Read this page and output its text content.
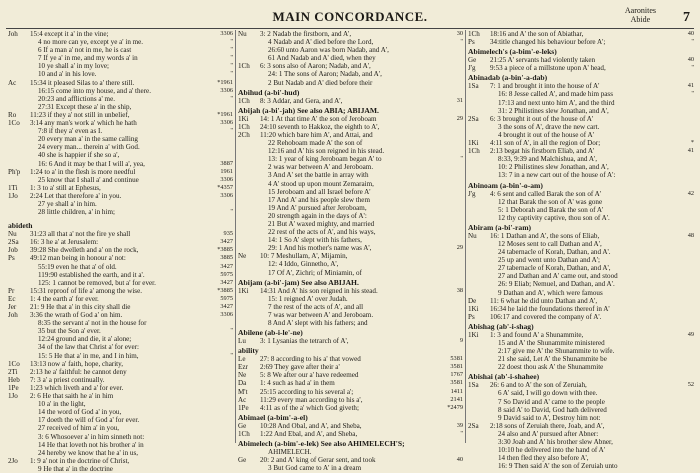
MAIN CONCORDANCE.	Aaronites
Abide	7
Joh	15:4 except it a' in the vine;	3306
4 no more can ye, except ye a' in me.	"
6 If a man a' not in me, he is cast	"
7 If ye a' in me, and my words a' in	"
10 ye shall a' in my love;	"
10 and a' in his love.	"
Ac	15:34 it pleased Silas to a' there still.	*1961
16:15 come into my house, and a' there.	3306
20:23 and afflictions a' me.	"
27:31 Except these a' in the ship,
Ro	11:23 if they a' not still in unbelief,	*1961
1Co	3:14 any man's work a' which he hath	3306
7:8 if they a' even as I.	"
20 every man a' in the same calling
24 every man... therein a' with God.
40 she is happier if she so a',
16: 6 And it may be that I will a', yea,	3887
Ph'p	1:24 to a' in the flesh is more needful	1961
25 know that I shall a' and continue	3306
1Ti	1: 3 to a' still at Ephesus,	*4357
1Jo	2:24 Let that therefore a' in you.	3306
27 ye shall a' in him.
28 little children, a' in him;	"
abideth
Nu	31:23 all that a' not the fire ye shall	935
2Sa	16: 3 he a' at Jerusalem:	3427
Job	39:28 She dwelleth and a' on the rock,	*3885
Ps	49:12 man being in honour a' not:	3885
55:19 even he that a' of old.	3427
119:90 established the earth, and it a'.	5975
125: 1 cannot be removed, but a' for ever.	3427
Pr	15:31 reproof of life a' among the wise.	*3885
Ec	1: 4 the earth a' for ever.	5975
Jer	21: 9 He that a' in this city shall die	3427
Joh	3:36 the wrath of God a' on him.	3306
8:35 the servant a' not in the house for
35 but the Son a' ever.	"
12:24 ground and die, it a' alone;
34 of the law that Christ a' for ever:
15: 5 He that a' in me, and I in him,	"
1Co	13:13 now a' faith, hope, charity,
2Ti	2:13 he a' faithful: he cannot deny
Heb	7: 3 a' a priest continually.
1Pe	1:23 which liveth and a' for ever.
1Jo	2: 6 He that saith he a' in him
10 a' in the light,
14 the word of God a' in you,
17 doeth the will of God a' for ever.
27 received of him a' in you,
3: 6 Whosoever a' in him sinneth not:
14 He that loveth not his brother a' in
24 hereby we know that he a' in us,
2Jo	1: 9 a' not in the doctrine of Christ,
9 He that a' in the doctrine
Nu	3: 2 Nadab the firstborn, and A',	30
4 Nadab and A' died before the Lord,	"
26:60 unto Aaron was born Nadab, and A',
61 And Nadab and A' died, when they
1Ch	6: 3 sons also of Aaron; Nadab, and A',
24: 1 The sons of Aaron; Nadab, and A',
2 But Nadab and A' died before their
Abihud (a-bi'-hud)
1Ch	8: 3 Addar, and Gera, and A',	31
Abijah (a-bi'-jah) See also ABIA; ABIJAM.
1Ki	14: 1 At that time A' the son of Jeroboam	29
1Ch	24:10 seventh to Hakkoz, the eighth to A',
2Ch	11:20 which bare him A', and Attai, and
22 Rehoboam made A' the son of
12:16 and A' his son reigned in his stead.
13: 1 year of king Jeroboam began A' to	"
2 was war between A' and Jeroboam.
3 And A' set the battle in array with
4 A' stood up upon mount Zemaraim,
15 Jeroboam and all Israel before A'
17 And A' and his people slew them
19 And A' pursued after Jeroboam,
20 strength again in the days of A':
21 But A' waxed mighty, and married
22 rest of the acts of A', and his ways,
14: 1 So A' slept with his fathers,
29: 1 And his mother's name was A',	29
Ne	10: 7 Meshullam, A', Mijamin,
12: 4 Iddo, Ginnetho, A',
17 Of A', Zichri; of Miniamin, of
Abijam (a-bi'-jam) See also ABIJAH.
1Ki	14:31 And A' his son reigned in his stead.	38
15: 1 reigned A' over Judah.
7 the rest of the acts of A', and all
7 was war between A' and Jeroboam.
8 And A' slept with his fathers; and
Abilene (ab-i-le'-ne)
Lu	3: 1 Lysanias the tetrarch of A',	9
ability
Le	27: 8 according to his a' that vowed	5381
Ezr	2:69 They gave after their a'	3581
Ne	5: 8 We after our a' have redeemed	1767
Da	1: 4 such as had a' in them	3581
M't	25:15 according to his several a';	1411
Ac	11:29 every man according to his a',	2141
1Pe	4:11 as of the a' which God giveth;	*2479
Abimael (a-bim'-a-el)
Ge	10:28 And Obal, and A', and Sheba,	39
1Ch	1:22 And Ebal, and A', and Sheba,	"
Abimelech (a-bim'-e-lek) See also AHIMELECH'S;
AHIMELECH.
Ge	20: 2 and A' king of Gerar sent, and took	40
3 But God came to A' in a dream
1Ch	18:16 and A' the son of Abiathar,	40
Ps	34:title changed his behaviour before A';	"
Abimelech's (a-bim'-e-leks)
Ge	21:25 A' servants had violently taken	40
J'g	9:53 a piece of a millstone upon A' head,	"
Abinadab (a-bin'-a-dab)
1Sa	7: 1 and brought it into the house of A'	41
16: 8 Jesse called A', and made him pass	"
17:13 and next unto him A', and the third
31: 2 Philistines slew Jonathan, and A',
2Sa	6: 3 brought it out of the house of A'
3 the sons of A', drave the new cart.
4 brought it out of the house of A'
1Ki	4:11 son of A', in all the region of Dor;	*
1Ch	2:13 begat his firstborn Eliab, and A'	41
8:33, 9:39 and Malchishua, and A',
10: 2 Philistines slew Jonathan, and A',
13: 7 in a new cart out of the house of A':
Abinoam (a-bin'-o-am)
J'g	4: 6 sent and called Barak the son of A'	42
12 that Barak the son of A' was gone
5: 1 Deborah and Barak the son of A'
12 thy captivity captive, thou son of A'.
Abiram (a-bi'-ram)
Nu	16: 1 Dathan and A', the sons of Eliab,	48
12 Moses sent to call Dathan and A',
24 tabernacle of Korah, Dathan, and A'.
25 up and went unto Dathan and A';
27 tabernacle of Korah, Dathan, and A',
27 and Dathan and A' came out, and stood
26: 9 Eliab; Nemuel, and Dathan, and A'.
9 Dathan and A', which were famous
De	11: 6 what he did unto Dathan and A',
1Ki	16:34 he laid the foundations thereof in A'
Ps	106:17 and covered the company of A'.
Abishag (ab'-i-shag)
1Ki	1: 3 and found A' a Shunammite,	49
15 and A' the Shunammite ministered
2:17 give me A' the Shunammite to wife.
21 she said, Let A' the Shunammite be
22 doest thou ask A' the Shunammite
Abishai (ab'-i-shahee)
1Sa	26: 6 and to A' the son of Zeruiah,	52
6 A' said, I will go down with thee.
7 So David and A' came to the people
8 said A' to David, God hath delivered
9 David said to A', Destroy him not:
2Sa	2:18 sons of Zeruiah there, Joab, and A',
24 also and A' pursued after Abner:
3:30 Joab and A' his brother slew Abner,
10:10 he delivered into the hand of A'
14 then fled they also before A',
16: 9 Then said A' the son of Zeruiah unto
